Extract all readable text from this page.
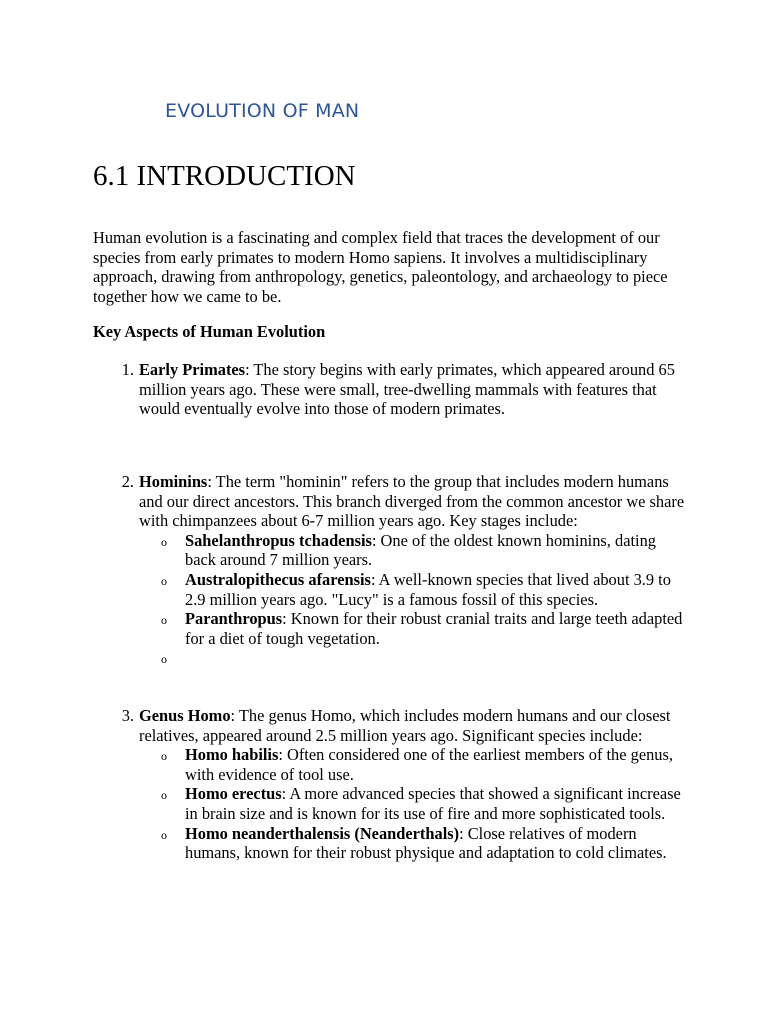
EVOLUTION OF MAN
6.1 INTRODUCTION
Human evolution is a fascinating and complex field that traces the development of our species from early primates to modern Homo sapiens. It involves a multidisciplinary approach, drawing from anthropology, genetics, paleontology, and archaeology to piece together how we came to be.
Key Aspects of Human Evolution
1. Early Primates: The story begins with early primates, which appeared around 65 million years ago. These were small, tree-dwelling mammals with features that would eventually evolve into those of modern primates.
2. Hominins: The term "hominin" refers to the group that includes modern humans and our direct ancestors. This branch diverged from the common ancestor we share with chimpanzees about 6-7 million years ago. Key stages include:
o Sahelanthropus tchadensis: One of the oldest known hominins, dating back around 7 million years.
o Australopithecus afarensis: A well-known species that lived about 3.9 to 2.9 million years ago. "Lucy" is a famous fossil of this species.
o Paranthropus: Known for their robust cranial traits and large teeth adapted for a diet of tough vegetation.
o
3. Genus Homo: The genus Homo, which includes modern humans and our closest relatives, appeared around 2.5 million years ago. Significant species include:
o Homo habilis: Often considered one of the earliest members of the genus, with evidence of tool use.
o Homo erectus: A more advanced species that showed a significant increase in brain size and is known for its use of fire and more sophisticated tools.
o Homo neanderthalensis (Neanderthals): Close relatives of modern humans, known for their robust physique and adaptation to cold climates.
